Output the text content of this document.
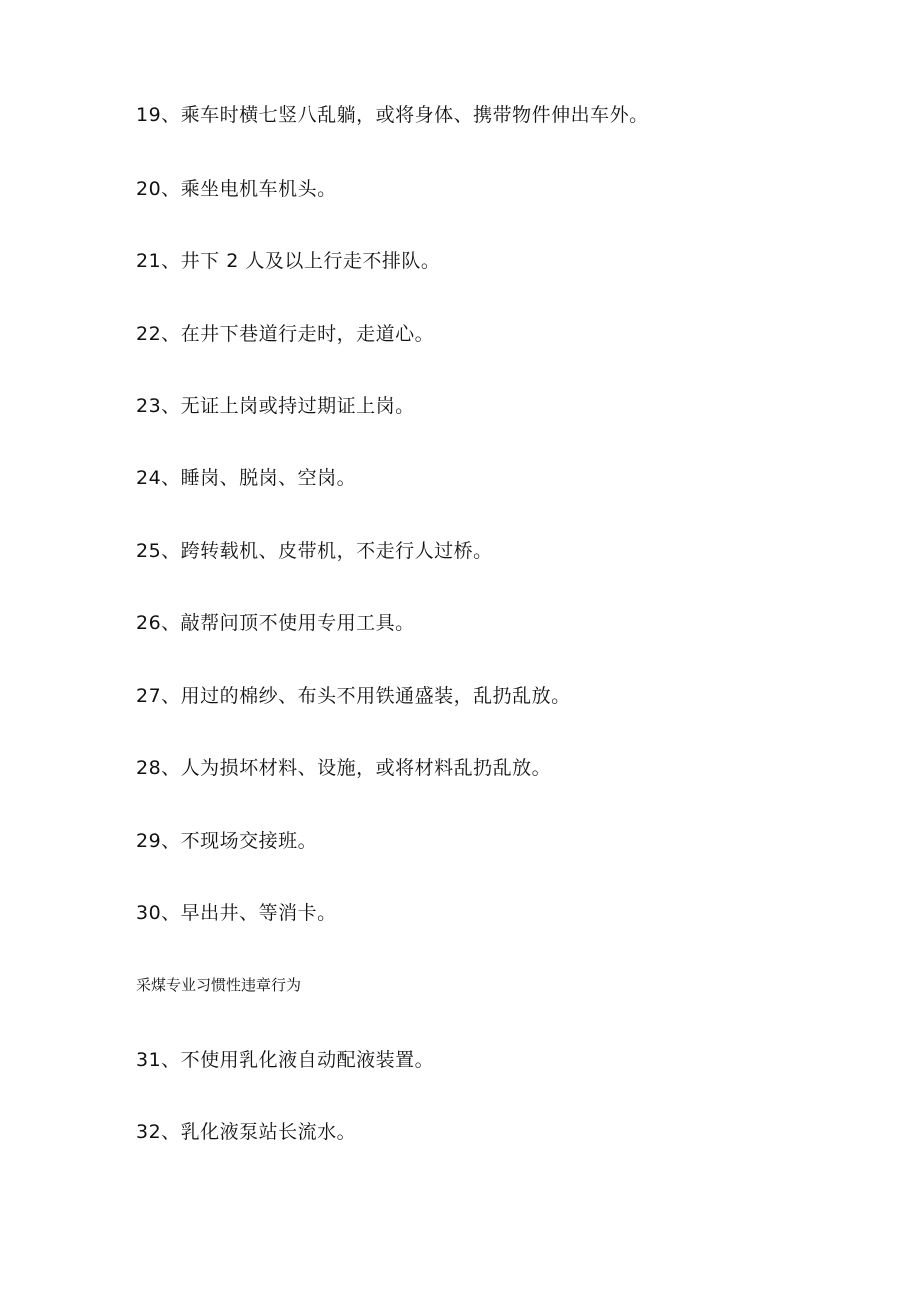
19、乘车时横七竖八乱躺，或将身体、携带物件伸出车外。
20、乘坐电机车机头。
21、井下 2 人及以上行走不排队。
22、在井下巷道行走时，走道心。
23、无证上岗或持过期证上岗。
24、睡岗、脱岗、空岗。
25、跨转载机、皮带机，不走行人过桥。
26、敲帮问顶不使用专用工具。
27、用过的棉纱、布头不用铁通盛装，乱扔乱放。
28、人为损坏材料、设施，或将材料乱扔乱放。
29、不现场交接班。
30、早出井、等消卡。
采煤专业习惯性违章行为
31、不使用乳化液自动配液装置。
32、乳化液泵站长流水。
